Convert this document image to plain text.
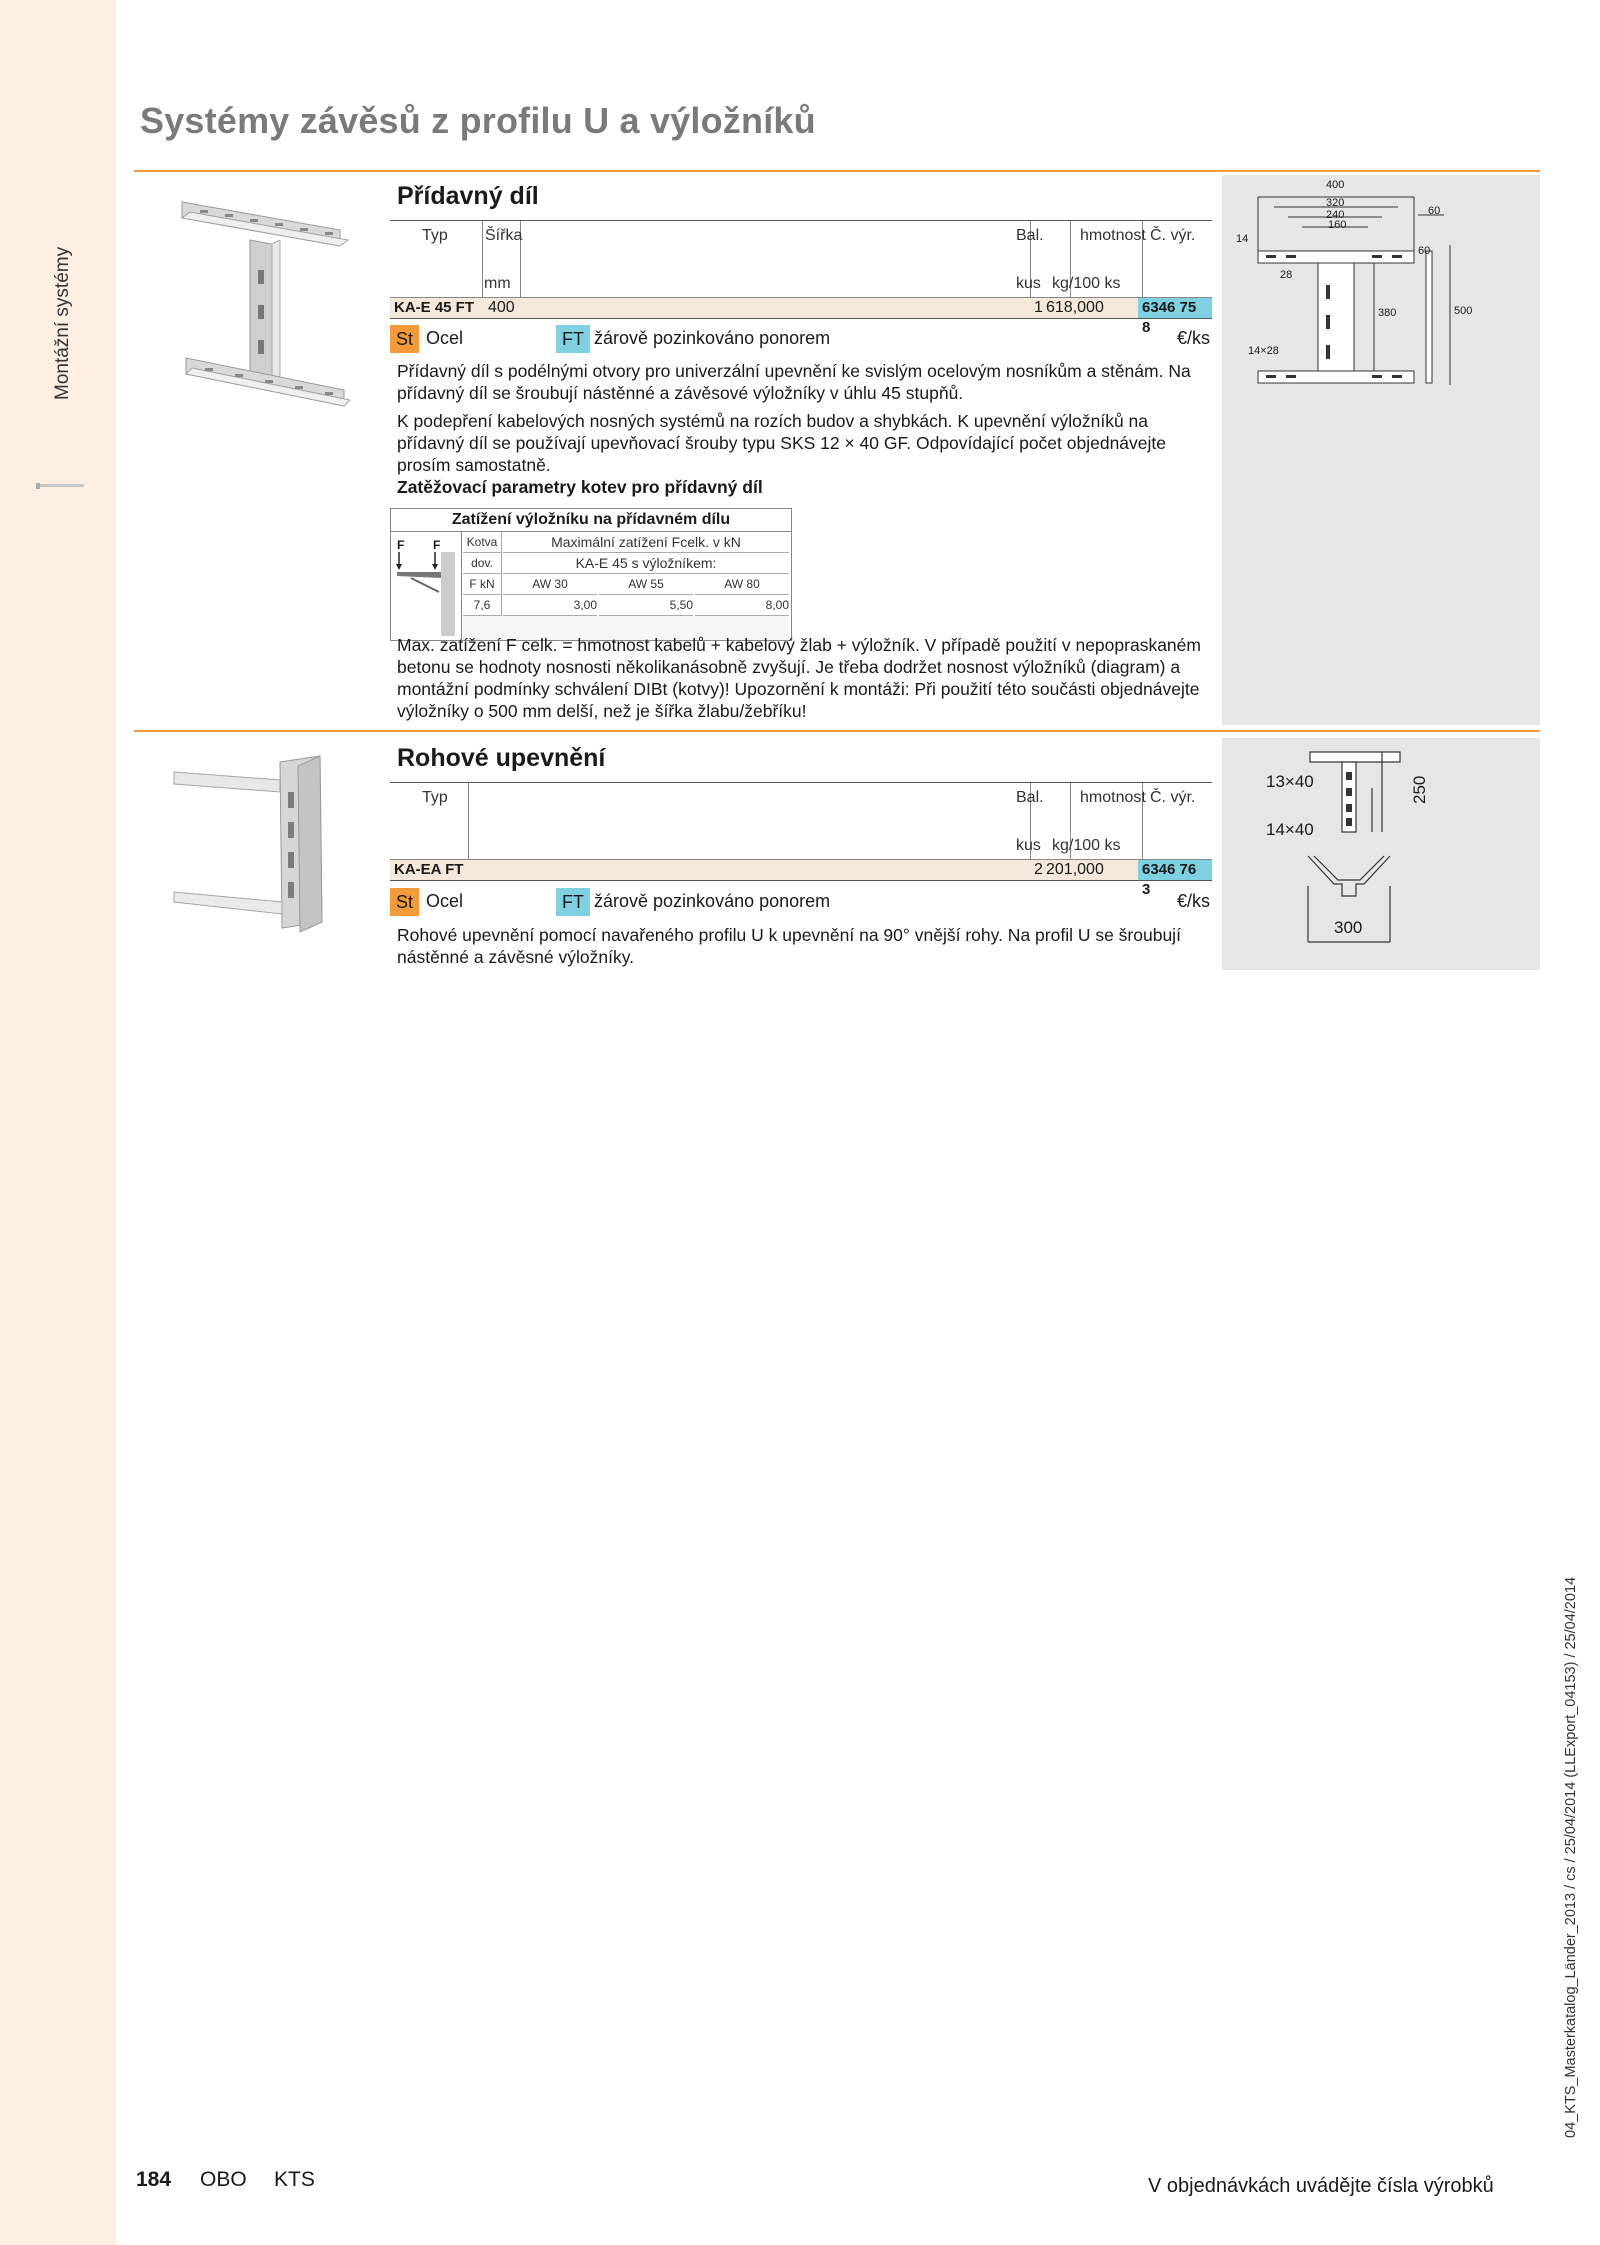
Montážní systémy
Systémy závěsů z profilu U a výložníků
Přídavný díl
Typ Šířka	Bal. hmotnost Č. výr.
mm	kus kg/100 ks
KA-E 45 FT 400	1 618,000	6346 75 8
St Ocel	FT žárově pozinkováno ponorem	€/ks
Přídavný díl s podélnými otvory pro univerzální upevnění ke svislým ocelovým nosníkům a stěnám. Na přídavný díl se šroubují nástěnné a závěsové výložníky v úhlu 45 stupňů.
K podepření kabelových nosných systémů na rozích budov a shybkách. K upevnění výložníků na přídavný díl se používají upevňovací šrouby typu SKS 12 × 40 GF. Odpovídající počet objednávejte prosím samostatně.
Zatěžovací parametry kotev pro přídavný díl
Zatížení výložníku na přídavném dílu
F F	Kotva	Maximální zatížení Fcelk. v kN
dov.	KA-E 45 s výložníkem:
F kN	AW 30	AW 55	AW 80
7,6	3,00	5,50	8,00
Max. zatížení F celk. = hmotnost kabelů + kabelový žlab + výložník. V případě použití v nepopraskaném betonu se hodnoty nosnosti několikanásobně zvyšují. Je třeba dodržet nosnost výložníků (diagram) a montážní podmínky schválení DIBt (kotvy)! Upozornění k montáži: Při použití této součásti objednávejte výložníky o 500 mm delší, než je šířka žlabu/žebříku!
400
320
240
160
14
28
14×28
380
60
60
500
Rohové upevnění
Typ	Bal. hmotnost Č. výr.
kus kg/100 ks
KA-EA FT	2 201,000	6346 76 3
St Ocel	FT žárově pozinkováno ponorem	€/ks
Rohové upevnění pomocí navařeného profilu U k upevnění na 90° vnější rohy. Na profil U se šroubují nástěnné a závěsné výložníky.
13×40
14×40
250
300
04_KTS_Masterkatalog_Länder_2013 / cs / 25/04/2014 (LLExport_04153) / 25/04/2014
184 OBO KTS	V objednávkách uvádějte čísla výrobků
